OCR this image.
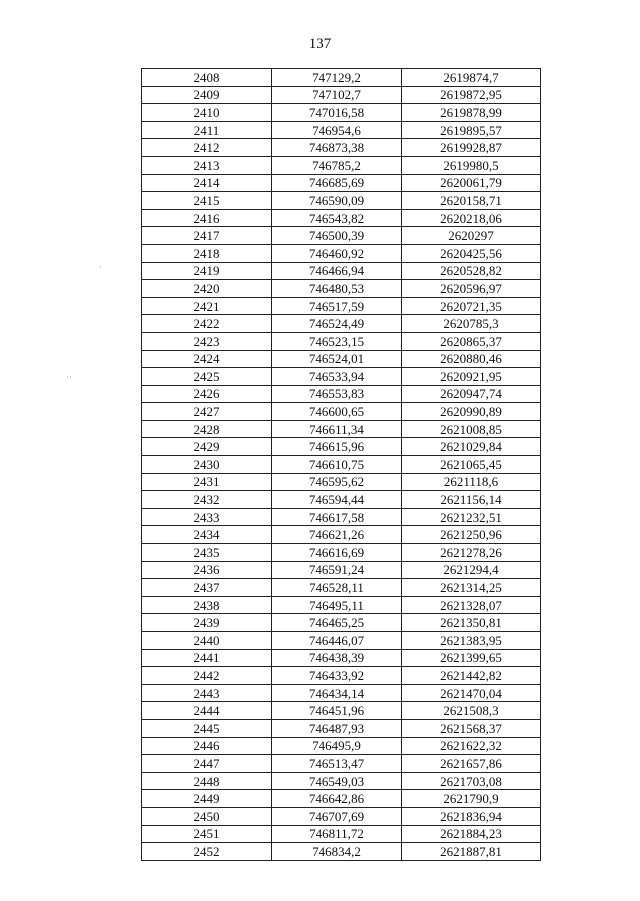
137
·
··
2408	747129,2	2619874,7
2409	747102,7	2619872,95
2410	747016,58	2619878,99
2411	746954,6	2619895,57
2412	746873,38	2619928,87
2413	746785,2	2619980,5
2414	746685,69	2620061,79
2415	746590,09	2620158,71
2416	746543,82	2620218,06
2417	746500,39	2620297
2418	746460,92	2620425,56
2419	746466,94	2620528,82
2420	746480,53	2620596,97
2421	746517,59	2620721,35
2422	746524,49	2620785,3
2423	746523,15	2620865,37
2424	746524,01	2620880,46
2425	746533,94	2620921,95
2426	746553,83	2620947,74
2427	746600,65	2620990,89
2428	746611,34	2621008,85
2429	746615,96	2621029,84
2430	746610,75	2621065,45
2431	746595,62	2621118,6
2432	746594,44	2621156,14
2433	746617,58	2621232,51
2434	746621,26	2621250,96
2435	746616,69	2621278,26
2436	746591,24	2621294,4
2437	746528,11	2621314,25
2438	746495,11	2621328,07
2439	746465,25	2621350,81
2440	746446,07	2621383,95
2441	746438,39	2621399,65
2442	746433,92	2621442,82
2443	746434,14	2621470,04
2444	746451,96	2621508,3
2445	746487,93	2621568,37
2446	746495,9	2621622,32
2447	746513,47	2621657,86
2448	746549,03	2621703,08
2449	746642,86	2621790,9
2450	746707,69	2621836,94
2451	746811,72	2621884,23
2452	746834,2	2621887,81
